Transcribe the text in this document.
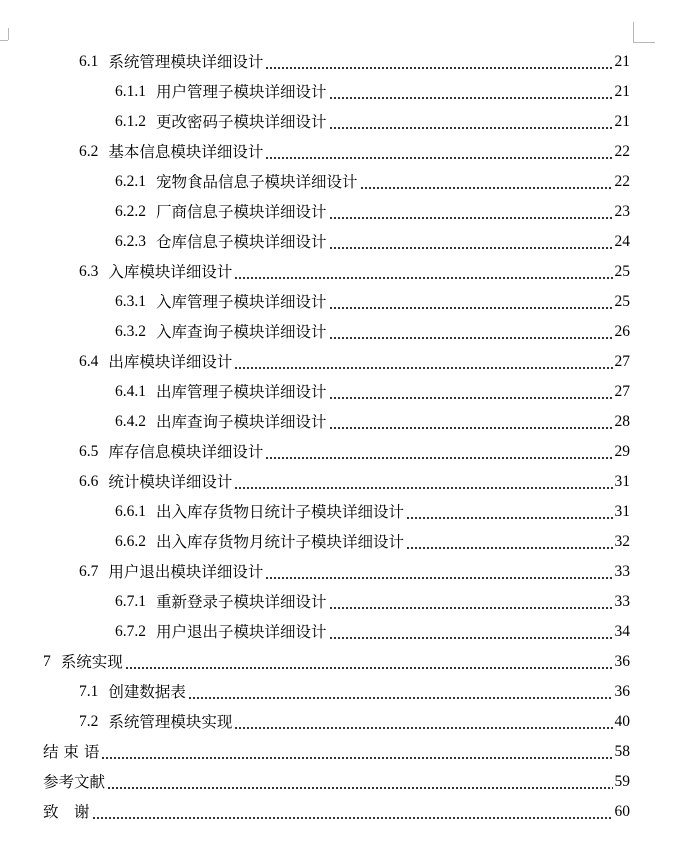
6.1 系统管理模块详细设计	21
6.1.1 用户管理子模块详细设计	21
6.1.2 更改密码子模块详细设计	21
6.2 基本信息模块详细设计	22
6.2.1 宠物食品信息子模块详细设计	22
6.2.2 厂商信息子模块详细设计	23
6.2.3 仓库信息子模块详细设计	24
6.3 入库模块详细设计	25
6.3.1 入库管理子模块详细设计	25
6.3.2 入库查询子模块详细设计	26
6.4 出库模块详细设计	27
6.4.1 出库管理子模块详细设计	27
6.4.2 出库查询子模块详细设计	28
6.5 库存信息模块详细设计	29
6.6 统计模块详细设计	31
6.6.1 出入库存货物日统计子模块详细设计	31
6.6.2 出入库存货物月统计子模块详细设计	32
6.7 用户退出模块详细设计	33
6.7.1 重新登录子模块详细设计	33
6.7.2 用户退出子模块详细设计	34
7 系统实现	36
7.1 创建数据表	36
7.2 系统管理模块实现	40
结 束 语	58
参考文献	59
致　谢	60
